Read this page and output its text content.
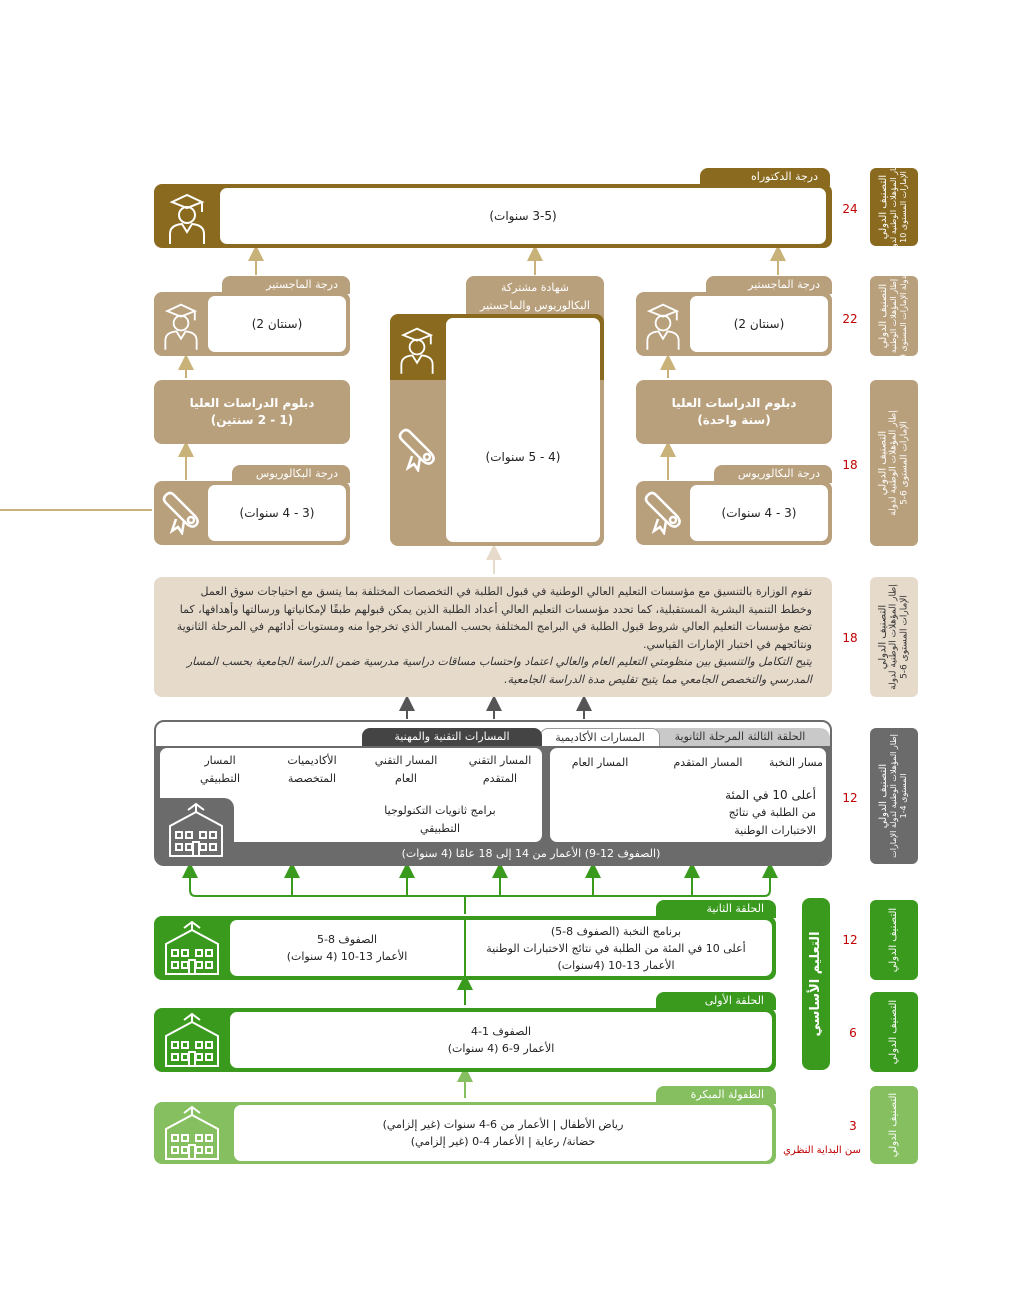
درجة الدكتوراه
(3-5 سنوات)
درجة الماجستير
(سنتان 2)
درجة الماجستير
(سنتان 2)
شهادة مشتركة
البكالوريوس والماجستير
(4 - 5 سنوات)
دبلوم الدراسات العليا
(سنة واحدة)
دبلوم الدراسات العليا
(1 - 2 سنتين)
درجة البكالوريوس
(3 - 4 سنوات)
درجة البكالوريوس
(3 - 4 سنوات)
تقوم الوزارة بالتنسيق مع مؤسسات التعليم العالي الوطنية في قبول الطلبة في التخصصات المختلفة بما يتسق مع احتياجات سوق العمل وخطط التنمية البشرية المستقبلية، كما تحدد مؤسسات التعليم العالي أعداد الطلبة الذين يمكن قبولهم طبقًا لإمكانياتها ورسالتها وأهدافها، كما تضع مؤسسات التعليم العالي شروط قبول الطلبة في البرامج المختلفة بحسب المسار الذي تخرجوا منه ومستويات أدائهم في المرحلة الثانوية ونتائجهم في اختبار الإمارات القياسي.
يتيح التكامل والتنسيق بين منظومتي التعليم العام والعالي اعتماد واحتساب مساقات دراسية مدرسية ضمن الدراسة الجامعية بحسب المسار المدرسي والتخصص الجامعي مما يتيح تقليص مدة الدراسة الجامعية.
الحلقة الثالثة المرحلة الثانوية
المسارات الأكاديمية
المسارات التقنية والمهنية
مسار النخبة
المسار المتقدم
المسار العام
أعلى 10 في المئة
من الطلبة في نتائج
الاختبارات الوطنية
المسار التقني
المتقدم
المسار التقني
العام
الأكاديميات
المتخصصة
المسار
التطبيقي
برامج ثانويات التكنولوجيا
التطبيقي
(الصفوف 12-9) الأعمار من 14 إلى 18 عامًا (4 سنوات)
الحلقة الثانية
برنامج النخبة (الصفوف 8-5)
أعلى 10 في المئة من الطلبة في نتائج الاختبارات الوطنية
الأعمار 13-10 (4سنوات)
الصفوف 8-5
الأعمار 13-10 (4 سنوات)
الحلقة الأولى
الصفوف 1-4
الأعمار 9-6 (4 سنوات)
الطفولة المبكرة
رياض الأطفال | الأعمار من 6-4 سنوات (غير إلزامي)
حضانة/ رعاية | الأعمار 4-0 (غير إلزامي)
التعليم الأساسي
24
22
18
18
12
12
6
3
سن البداية النظري
التصنيف الدولي إطار المؤهلات الوطنية لدولة الإمارات المستوى 10
التصنيف الدولي إطار المؤهلات الوطنية
لدولة الإمارات المستوى 9
التصنيف الدولي إطار المؤهلات الوطنية لدولة الإمارات المستوى 6-5
التصنيف الدولي إطار المؤهلات الوطنية لدولة الإمارات المستوى 6-5
التصنيف الدولي إطار المؤهلات الوطنية لدولة الإمارات المستوى 4-1
التصنيف الدولي
التصنيف الدولي
التصنيف الدولي
